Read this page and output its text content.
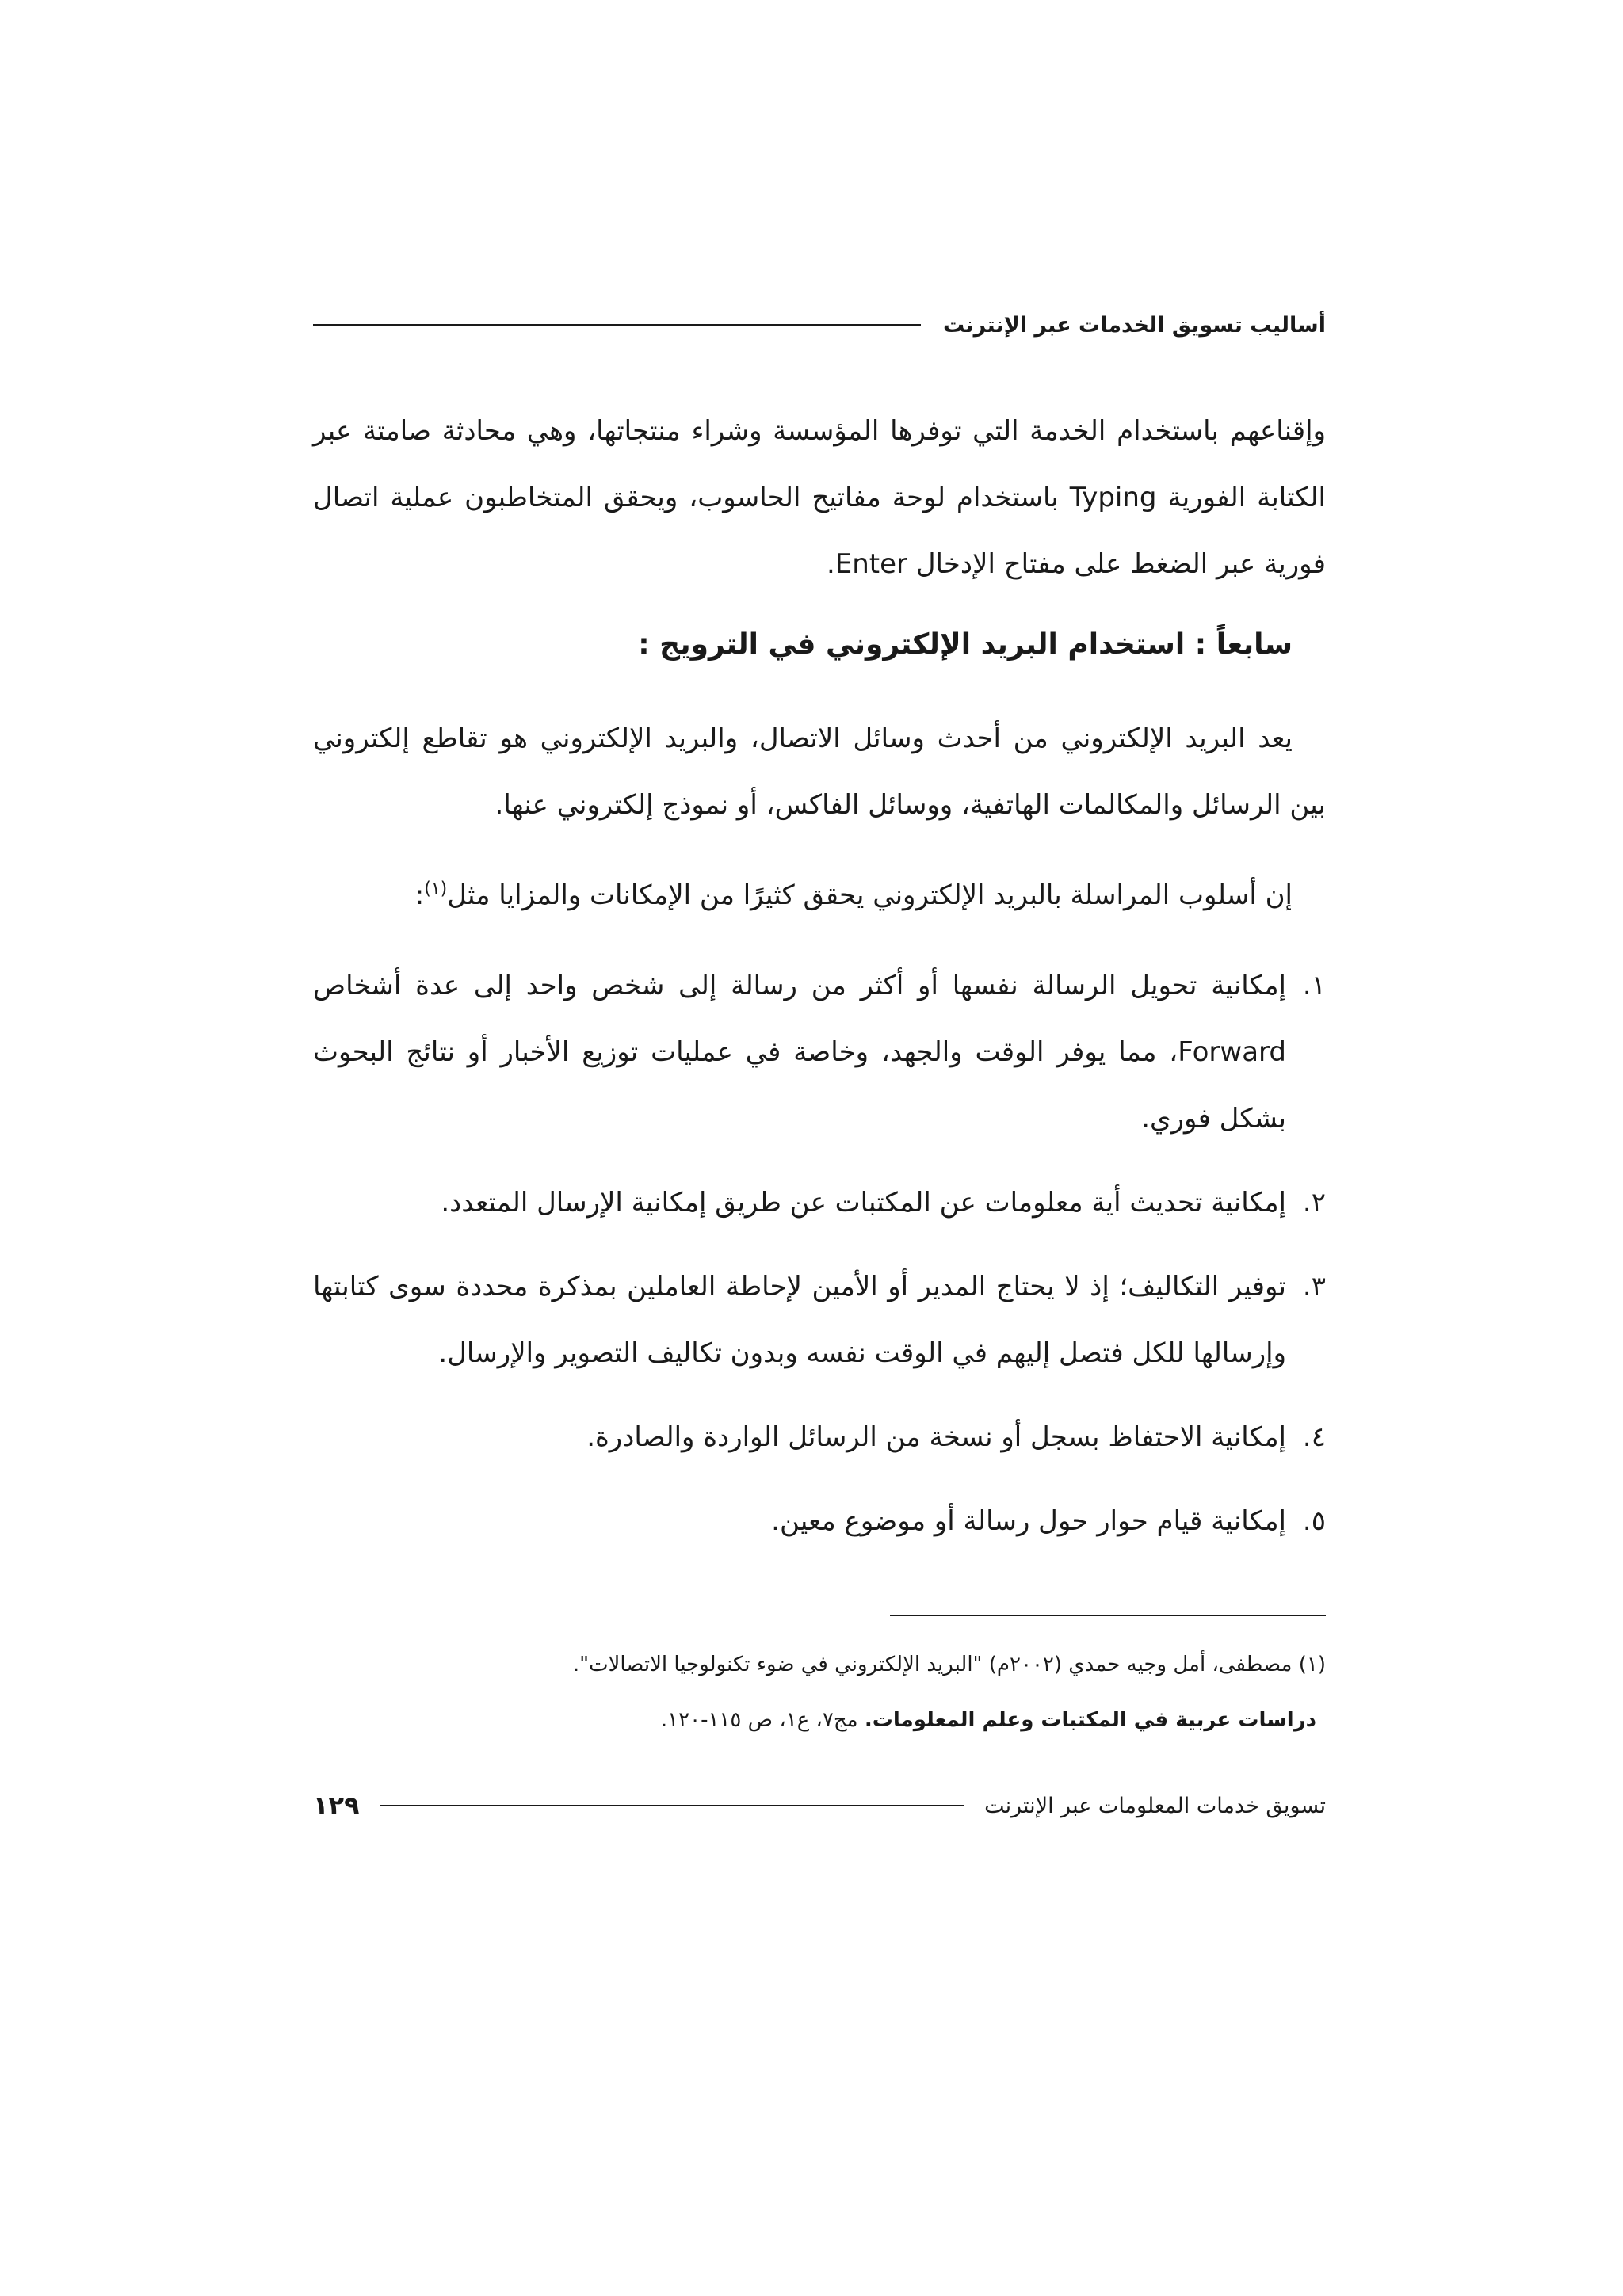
أساليب تسويق الخدمات عبر الإنترنت

وإقناعهم باستخدام الخدمة التي توفرها المؤسسة وشراء منتجاتها، وهي محادثة صامتة عبر الكتابة الفورية Typing باستخدام لوحة مفاتيح الحاسوب، ويحقق المتخاطبون عملية اتصال فورية عبر الضغط على مفتاح الإدخال Enter.

سابعاً : استخدام البريد الإلكتروني في الترويج :

يعد البريد الإلكتروني من أحدث وسائل الاتصال، والبريد الإلكتروني هو تقاطع إلكتروني بين الرسائل والمكالمات الهاتفية، ووسائل الفاكس، أو نموذج إلكتروني عنها.

إن أسلوب المراسلة بالبريد الإلكتروني يحقق كثيرًا من الإمكانات والمزايا مثل$^{(١)}$:

١.
إمكانية تحويل الرسالة نفسها أو أكثر من رسالة إلى شخص واحد إلى عدة أشخاص Forward، مما يوفر الوقت والجهد، وخاصة في عمليات توزيع الأخبار أو نتائج البحوث بشكل فوري.
٢.
إمكانية تحديث أية معلومات عن المكتبات عن طريق إمكانية الإرسال المتعدد.
٣.
توفير التكاليف؛ إذ لا يحتاج المدير أو الأمين لإحاطة العاملين بمذكرة محددة سوى كتابتها وإرسالها للكل فتصل إليهم في الوقت نفسه وبدون تكاليف التصوير والإرسال.
٤.
إمكانية الاحتفاظ بسجل أو نسخة من الرسائل الواردة والصادرة.
٥.
إمكانية قيام حوار حول رسالة أو موضوع معين.

(١) مصطفى، أمل وجيه حمدي (٢٠٠٢م) "البريد الإلكتروني في ضوء تكنولوجيا الاتصالات".

دراسات عربية في المكتبات وعلم المعلومات. مج٧، ع١، ص ١١٥-١٢٠.

تسويق خدمات المعلومات عبر الإنترنت
١٢٩
